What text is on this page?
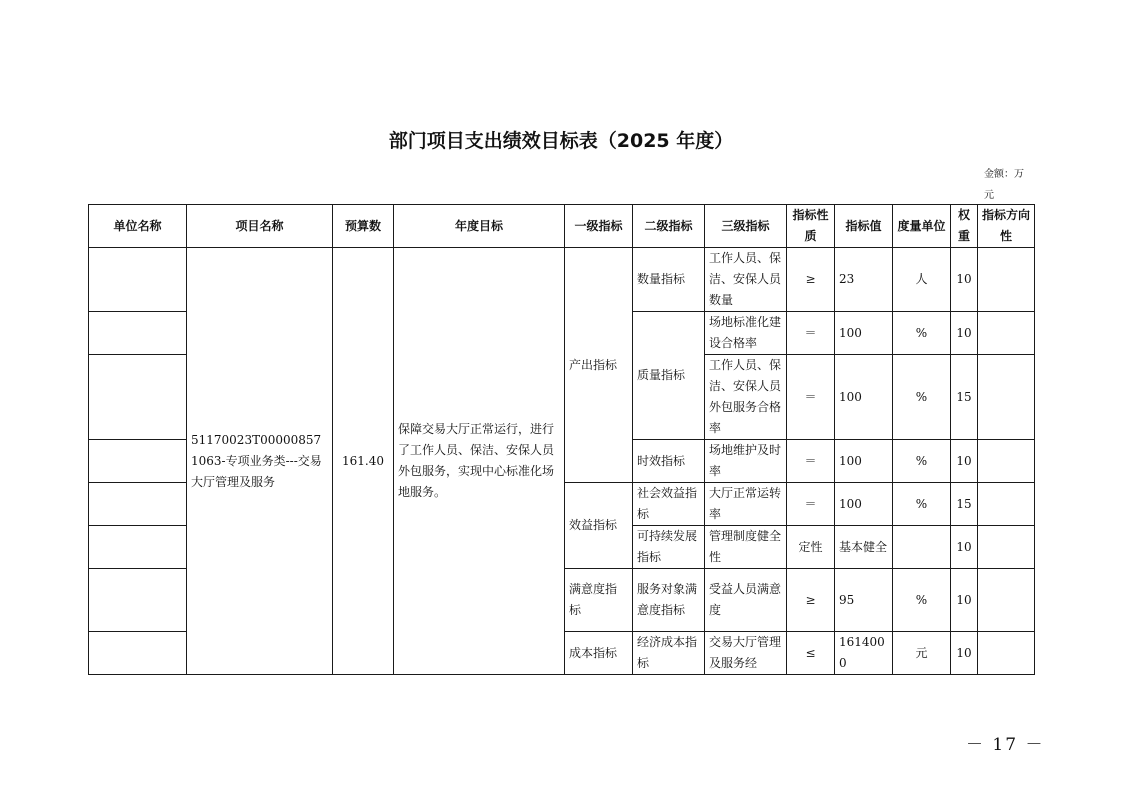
部门项目支出绩效目标表（2025 年度）
金额：万元
单位名称	项目名称	预算数	年度目标	一级指标	二级指标	三级指标	指标性质	指标值	度量单位	权重	指标方向性
	51170023T000008571063-专项业务类---交易大厅管理及服务	161.40	保障交易大厅正常运行，进行了工作人员、保洁、安保人员外包服务，实现中心标准化场地服务。	产出指标	数量指标	工作人员、保洁、安保人员数量	≥	23	人	10	
					质量指标	场地标准化建设合格率	＝	100	%	10	
						工作人员、保洁、安保人员外包服务合格率	＝	100	%	15	
					时效指标	场地维护及时率	＝	100	%	10	
				效益指标	社会效益指标	大厅正常运转率	＝	100	%	15	
					可持续发展指标	管理制度健全性	定性	基本健全		10	
				满意度指标	服务对象满意度指标	受益人员满意度	≥	95	%	10	
				成本指标	经济成本指标	交易大厅管理及服务经	≤	1614000	元	10	
－ 17 －
